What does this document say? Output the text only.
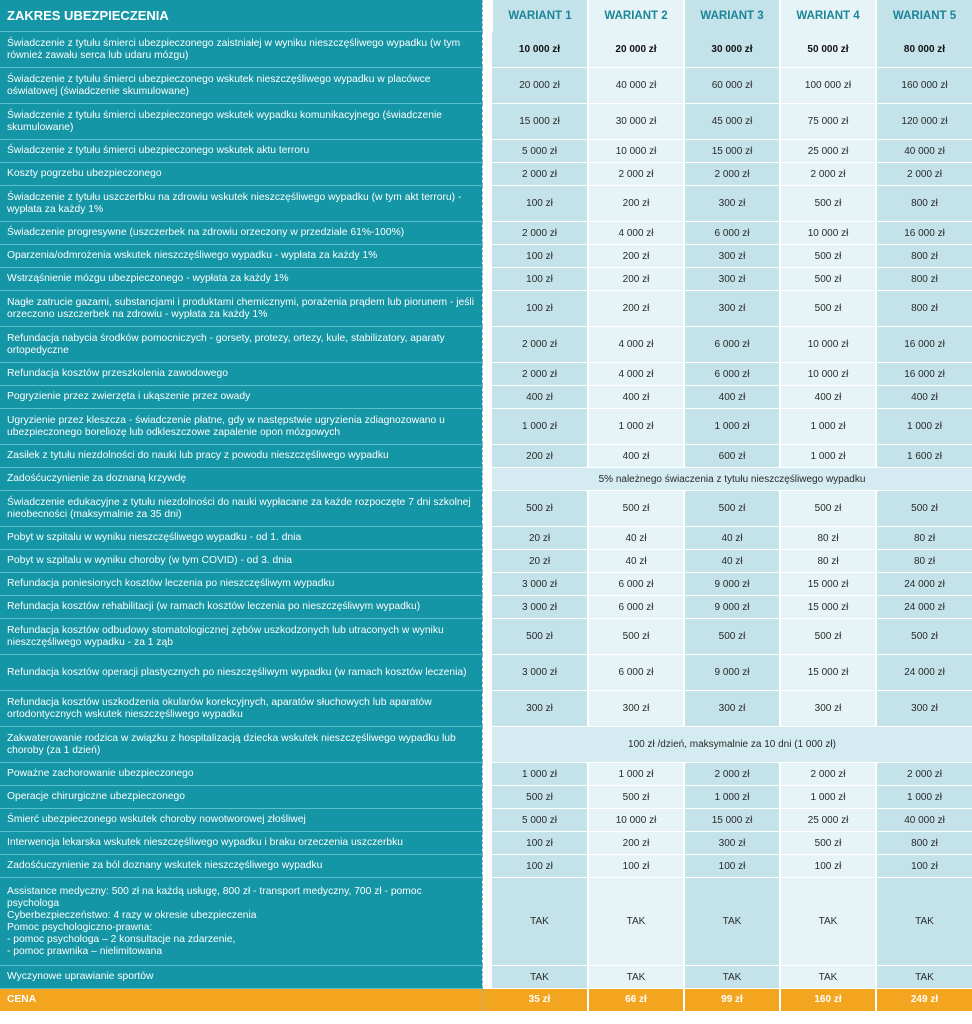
ZAKRES UBEZPIECZENIA		WARIANT 1	WARIANT 2	WARIANT 3	WARIANT 4	WARIANT 5
Świadczenie z tytułu śmierci ubezpieczonego zaistniałej w wyniku nieszczęśliwego wypadku (w tym również zawału serca lub udaru mózgu)		10 000 zł	20 000 zł	30 000 zł	50 000 zł	80 000 zł
Świadczenie z tytułu śmierci ubezpieczonego wskutek nieszczęśliwego wypadku w placówce oświatowej (świadczenie skumulowane)		20 000 zł	40 000 zł	60 000 zł	100 000 zł	160 000 zł
Świadczenie z tytułu śmierci ubezpieczonego wskutek wypadku komunikacyjnego (świadczenie skumulowane)		15 000 zł	30 000 zł	45 000 zł	75 000 zł	120 000 zł
Świadczenie z tytułu śmierci ubezpieczonego wskutek aktu terroru		5 000 zł	10 000 zł	15 000 zł	25 000 zł	40 000 zł
Koszty pogrzebu ubezpieczonego		2 000 zł	2 000 zł	2 000 zł	2 000 zł	2 000 zł
Świadczenie z tytułu uszczerbku na zdrowiu wskutek nieszczęśliwego wypadku (w tym akt terroru) - wypłata za każdy 1%		100 zł	200 zł	300 zł	500 zł	800 zł
Świadczenie progresywne (uszczerbek na zdrowiu orzeczony w przedziale 61%-100%)		2 000 zł	4 000 zł	6 000 zł	10 000 zł	16 000 zł
Oparzenia/odmrożenia wskutek nieszczęśliwego wypadku - wypłata za każdy 1%		100 zł	200 zł	300 zł	500 zł	800 zł
Wstrząśnienie mózgu ubezpieczonego - wypłata za każdy 1%		100 zł	200 zł	300 zł	500 zł	800 zł
Nagłe zatrucie gazami, substancjami i produktami chemicznymi, porażenia prądem lub piorunem - jeśli orzeczono uszczerbek na zdrowiu - wypłata za każdy 1%		100 zł	200 zł	300 zł	500 zł	800 zł
Refundacja nabycia środków pomocniczych - gorsety, protezy, ortezy, kule, stabilizatory, aparaty ortopedyczne		2 000 zł	4 000 zł	6 000 zł	10 000 zł	16 000 zł
Refundacja kosztów przeszkolenia zawodowego		2 000 zł	4 000 zł	6 000 zł	10 000 zł	16 000 zł
Pogryzienie przez zwierzęta i ukąszenie przez owady		400 zł	400 zł	400 zł	400 zł	400 zł
Ugryzienie przez kleszcza - świadczenie płatne, gdy w następstwie ugryzienia zdiagnozowano u ubezpieczonego boreliozę lub odkleszczowe zapalenie opon mózgowych		1 000 zł	1 000 zł	1 000 zł	1 000 zł	1 000 zł
Zasiłek z tytułu niezdolności do nauki lub pracy z powodu nieszczęśliwego wypadku		200 zł	400 zł	600 zł	1 000 zł	1 600 zł
Zadośćuczynienie za doznaną krzywdę		5% należnego świaczenia z tytułu nieszczęśliwego wypadku				
Świadczenie edukacyjne z tytułu niezdolności do nauki wypłacane za każde rozpoczęte 7 dni szkolnej nieobecności (maksymalnie za 35 dni)		500 zł	500 zł	500 zł	500 zł	500 zł
Pobyt w szpitalu w wyniku nieszczęśliwego wypadku - od 1. dnia		20 zł	40 zł	40 zł	80 zł	80 zł
Pobyt w szpitalu w wyniku choroby (w tym COVID) - od 3. dnia		20 zł	40 zł	40 zł	80 zł	80 zł
Refundacja poniesionych kosztów leczenia po nieszczęśliwym wypadku		3 000 zł	6 000 zł	9 000 zł	15 000 zł	24 000 zł
Refundacja kosztów rehabilitacji (w ramach kosztów leczenia po nieszczęśliwym wypadku)		3 000 zł	6 000 zł	9 000 zł	15 000 zł	24 000 zł
Refundacja kosztów odbudowy stomatologicznej zębów uszkodzonych lub utraconych w wyniku nieszczęśliwego wypadku - za 1 ząb		500 zł	500 zł	500 zł	500 zł	500 zł
Refundacja kosztów operacji plastycznych po nieszczęśliwym wypadku (w ramach kosztów leczenia)		3 000 zł	6 000 zł	9 000 zł	15 000 zł	24 000 zł
Refundacja kosztów uszkodzenia okularów korekcyjnych, aparatów słuchowych lub aparatów ortodontycznych wskutek nieszczęśliwego wypadku		300 zł	300 zł	300 zł	300 zł	300 zł
Zakwaterowanie rodzica w związku z hospitalizacją dziecka wskutek nieszczęśliwego wypadku lub choroby (za 1 dzień)		100 zł /dzień, maksymalnie za 10 dni (1 000 zł)				
Poważne zachorowanie ubezpieczonego		1 000 zł	1 000 zł	2 000 zł	2 000 zł	2 000 zł
Operacje chirurgiczne ubezpieczonego		500 zł	500 zł	1 000 zł	1 000 zł	1 000 zł
Śmierć ubezpieczonego wskutek choroby nowotworowej złośliwej		5 000 zł	10 000 zł	15 000 zł	25 000 zł	40 000 zł
Interwencja lekarska wskutek nieszczęśliwego wypadku i braku orzeczenia uszczerbku		100 zł	200 zł	300 zł	500 zł	800 zł
Zadośćuczynienie za ból doznany wskutek nieszczęśliwego wypadku		100 zł	100 zł	100 zł	100 zł	100 zł
Assistance medyczny: 500 zł na każdą usługę, 800 zł - transport medyczny, 700 zł - pomoc psychologa
Cyberbezpieczeństwo: 4 razy w okresie ubezpieczenia
Pomoc psychologiczno-prawna:
- pomoc psychologa – 2 konsultacje na zdarzenie,
- pomoc prawnika – nielimitowana		TAK	TAK	TAK	TAK	TAK
Wyczynowe uprawianie sportów		TAK	TAK	TAK	TAK	TAK
CENA		35 zł	66 zł	99 zł	160 zł	249 zł
